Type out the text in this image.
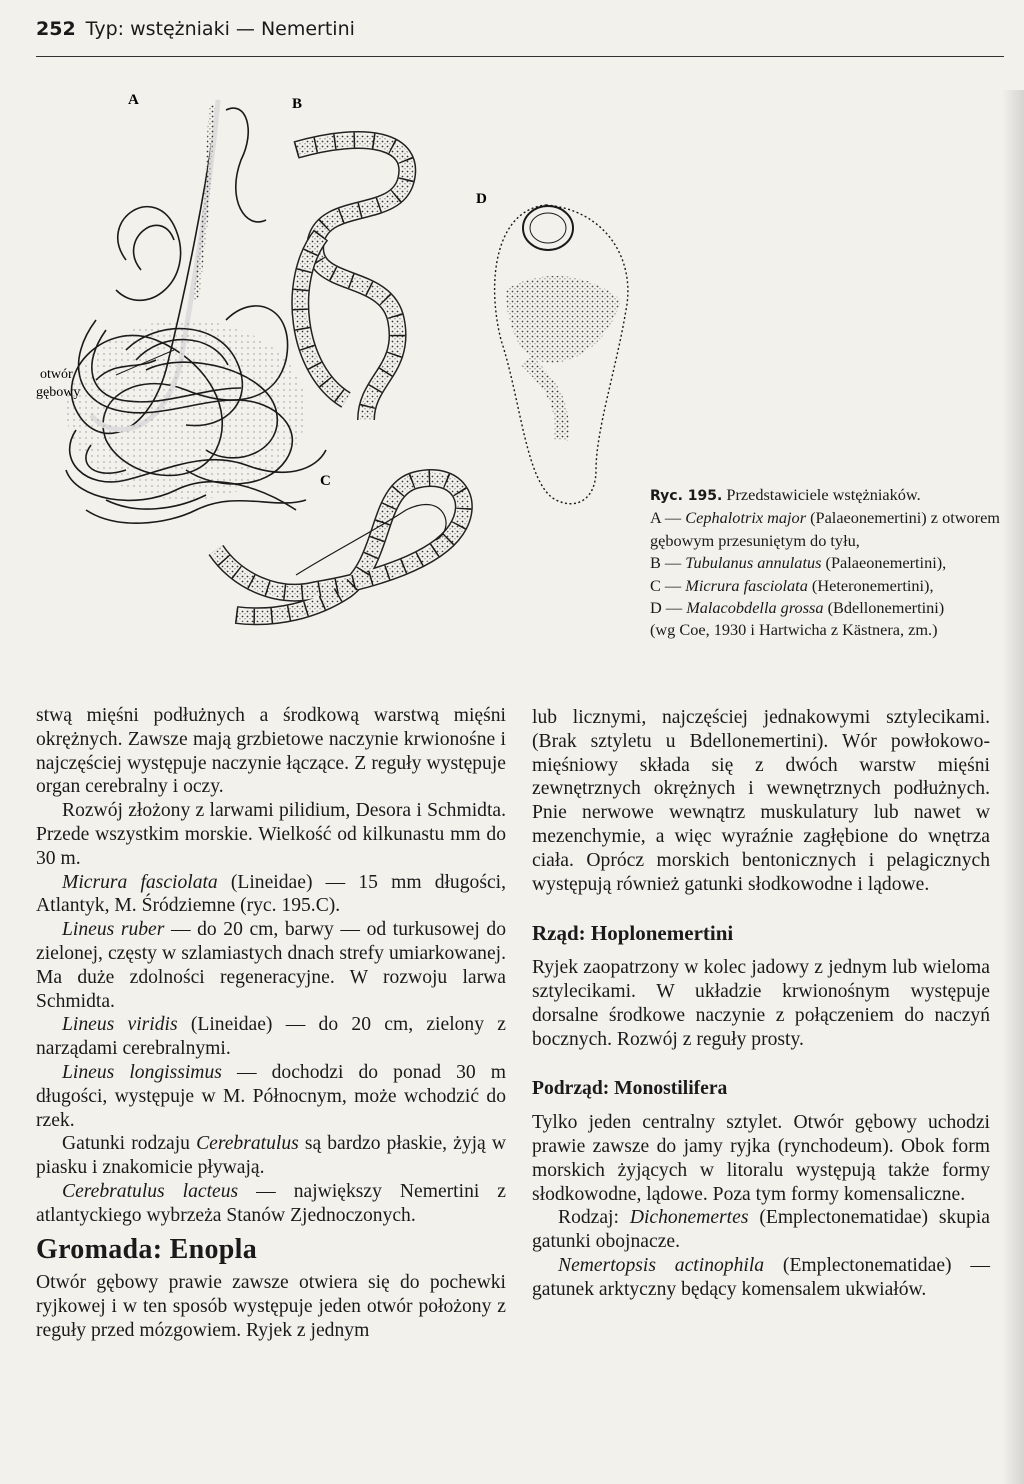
252 Typ: wstężniaki — Nemertini
A	B
C
D
otwór gębowy
Ryc. 195. Przedstawiciele wstężniaków.
A — Cephalotrix major (Palaeonemertini) z otworem gębowym przesuniętym do tyłu,
B — Tubulanus annulatus (Palaeonemertini),
C — Micrura fasciolata (Heteronemertini),
D — Malacobdella grossa (Bdellonemertini)
(wg Coe, 1930 i Hartwicha z Kästnera, zm.)

stwą mięśni podłużnych a środkową warstwą mięśni okrężnych. Zawsze mają grzbietowe naczynie krwionośne i najczęściej występuje naczynie łączące. Z reguły występuje organ cerebralny i oczy.

Rozwój złożony z larwami pilidium, Desora i Schmidta. Przede wszystkim morskie. Wielkość od kilkunastu mm do 30 m.

Micrura fasciolata (Lineidae) — 15 mm długości, Atlantyk, M. Śródziemne (ryc. 195.C).

Lineus ruber — do 20 cm, barwy — od turkusowej do zielonej, częsty w szlamiastych dnach strefy umiarkowanej. Ma duże zdolności regeneracyjne. W rozwoju larwa Schmidta.

Lineus viridis (Lineidae) — do 20 cm, zielony z narządami cerebralnymi.

Lineus longissimus — dochodzi do ponad 30 m długości, występuje w M. Północnym, może wchodzić do rzek.

Gatunki rodzaju Cerebratulus są bardzo płaskie, żyją w piasku i znakomicie pływają.

Cerebratulus lacteus — największy Nemertini z atlantyckiego wybrzeża Stanów Zjednoczonych.

Gromada: Enopla

Otwór gębowy prawie zawsze otwiera się do pochewki ryjkowej i w ten sposób występuje jeden otwór położony z reguły przed mózgowiem. Ryjek z jednym

lub licznymi, najczęściej jednakowymi sztylecikami. (Brak sztyletu u Bdellonemertini). Wór powłokowo-mięśniowy składa się z dwóch warstw mięśni zewnętrznych okrężnych i wewnętrznych podłużnych. Pnie nerwowe wewnątrz muskulatury lub nawet w mezenchymie, a więc wyraźnie zagłębione do wnętrza ciała. Oprócz morskich bentonicznych i pelagicznych występują również gatunki słodkowodne i lądowe.

Rząd: Hoplonemertini

Ryjek zaopatrzony w kolec jadowy z jednym lub wieloma sztylecikami. W układzie krwionośnym występuje dorsalne środkowe naczynie z połączeniem do naczyń bocznych. Rozwój z reguły prosty.

Podrząd: Monostilifera

Tylko jeden centralny sztylet. Otwór gębowy uchodzi prawie zawsze do jamy ryjka (rynchodeum). Obok form morskich żyjących w litoralu występują także formy słodkowodne, lądowe. Poza tym formy komensaliczne.

Rodzaj: Dichonemertes (Emplectonematidae) skupia gatunki obojnacze.

Nemertopsis actinophila (Emplectonematidae) — gatunek arktyczny będący komensalem ukwiałów.
